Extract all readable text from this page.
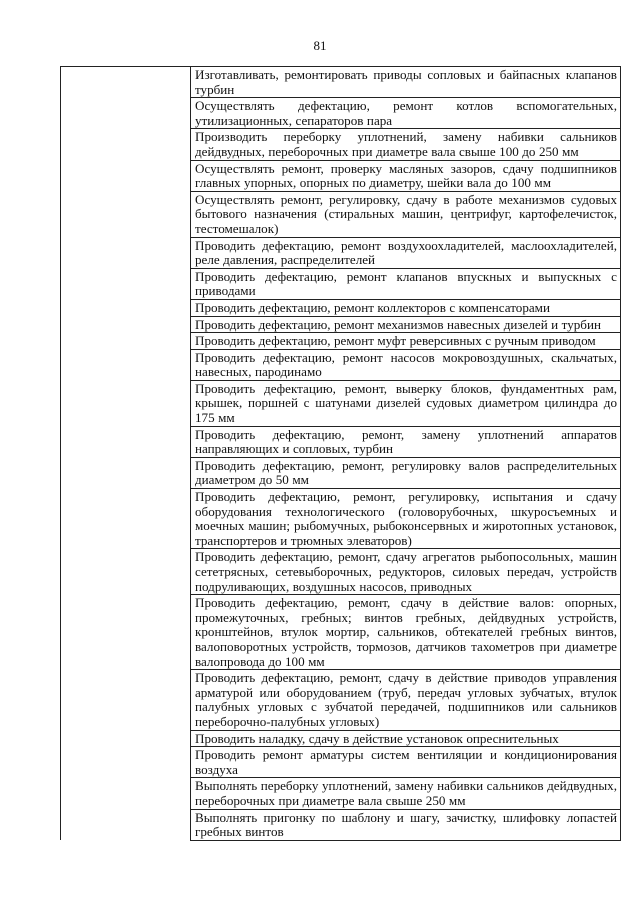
81
	Изготавливать, ремонтировать приводы сопловых и байпасных клапанов турбин
Осуществлять дефектацию, ремонт котлов вспомогательных, утилизационных, сепараторов пара
Производить переборку уплотнений, замену набивки сальников дейдвудных, переборочных при диаметре вала свыше 100 до 250 мм
Осуществлять ремонт, проверку масляных зазоров, сдачу подшипников главных упорных, опорных по диаметру, шейки вала до 100 мм
Осуществлять ремонт, регулировку, сдачу в работе механизмов судовых бытового назначения (стиральных машин, центрифуг, картофелечисток, тестомешалок)
Проводить дефектацию, ремонт воздухоохладителей, маслоохладителей, реле давления, распределителей
Проводить дефектацию, ремонт клапанов впускных и выпускных с приводами
Проводить дефектацию, ремонт коллекторов с компенсаторами
Проводить дефектацию, ремонт механизмов навесных дизелей и турбин
Проводить дефектацию, ремонт муфт реверсивных с ручным приводом
Проводить дефектацию, ремонт насосов мокровоздушных, скальчатых, навесных, пародинамо
Проводить дефектацию, ремонт, выверку блоков, фундаментных рам, крышек, поршней с шатунами дизелей судовых диаметром цилиндра до 175 мм
Проводить дефектацию, ремонт, замену уплотнений аппаратов направляющих и сопловых, турбин
Проводить дефектацию, ремонт, регулировку валов распределительных диаметром до 50 мм
Проводить дефектацию, ремонт, регулировку, испытания и сдачу оборудования технологического (головорубочных, шкуросъемных и моечных машин; рыбомучных, рыбоконсервных и жиротопных установок, транспортеров и трюмных элеваторов)
Проводить дефектацию, ремонт, сдачу агрегатов рыбопосольных, машин сететрясных, сетевыборочных, редукторов, силовых передач, устройств подруливающих, воздушных насосов, приводных
Проводить дефектацию, ремонт, сдачу в действие валов: опорных, промежуточных, гребных; винтов гребных, дейдвудных устройств, кронштейнов, втулок мортир, сальников, обтекателей гребных винтов, валоповоротных устройств, тормозов, датчиков тахометров при диаметре валопровода до 100 мм
Проводить дефектацию, ремонт, сдачу в действие приводов управления арматурой или оборудованием (труб, передач угловых зубчатых, втулок палубных угловых с зубчатой передачей, подшипников или сальников переборочно-палубных угловых)
Проводить наладку, сдачу в действие установок опреснительных
Проводить ремонт арматуры систем вентиляции и кондиционирования воздуха
Выполнять переборку уплотнений, замену набивки сальников дейдвудных, переборочных при диаметре вала свыше 250 мм
Выполнять пригонку по шаблону и шагу, зачистку, шлифовку лопастей гребных винтов
